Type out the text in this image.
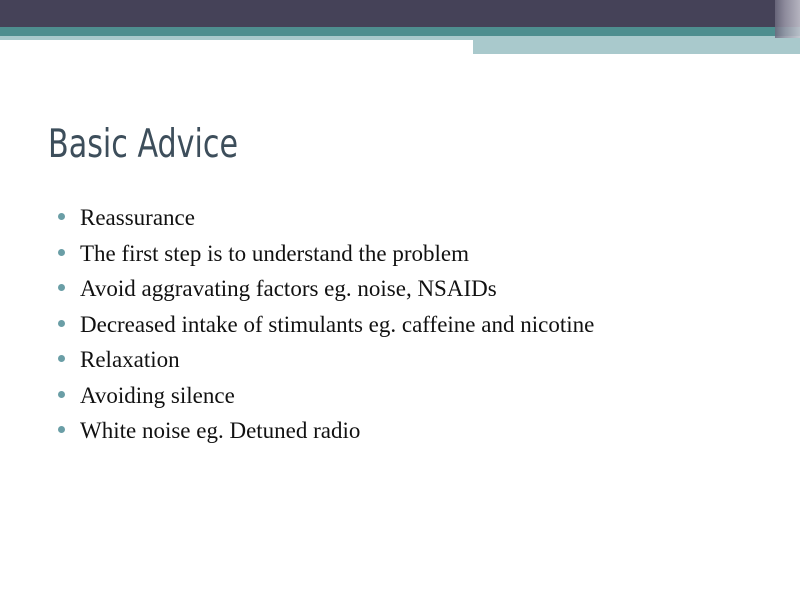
Basic Advice
Reassurance
The first step is to understand the problem
Avoid aggravating factors eg. noise, NSAIDs
Decreased intake of stimulants eg. caffeine and nicotine
Relaxation
Avoiding silence
White noise eg. Detuned radio
